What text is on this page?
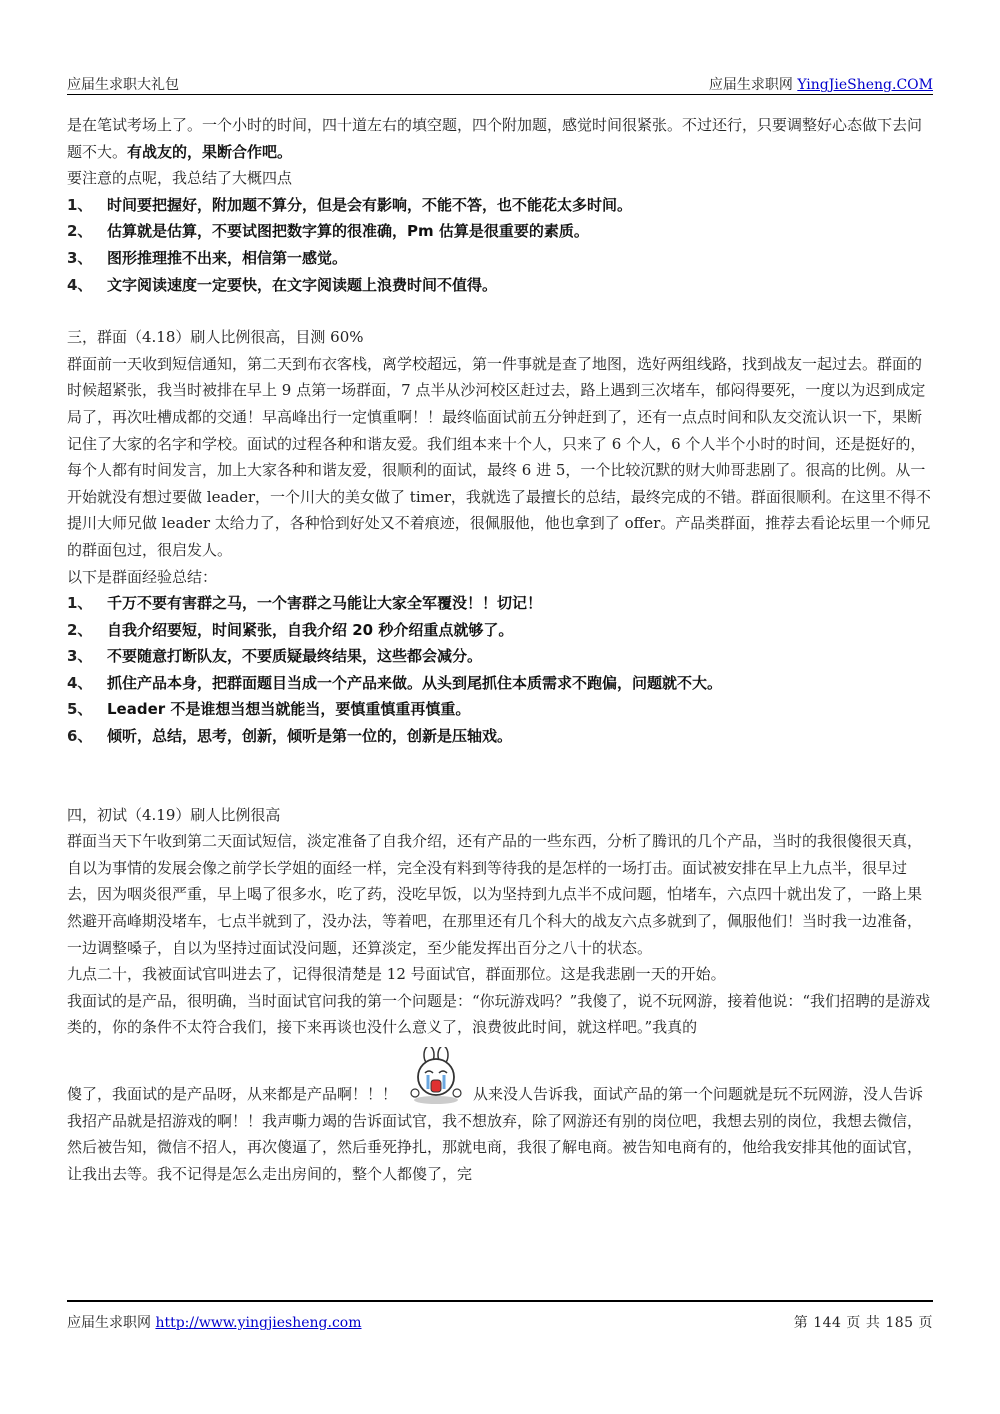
应届生求职大礼包	应届生求职网 YingJieSheng.COM

是在笔试考场上了。一个小时的时间，四十道左右的填空题，四个附加题，感觉时间很紧张。不过还行，只要调整好心态做下去问题不大。有战友的，果断合作吧。

要注意的点呢，我总结了大概四点

1、 时间要把握好，附加题不算分，但是会有影响，不能不答，也不能花太多时间。

2、 估算就是估算，不要试图把数字算的很准确，Pm 估算是很重要的素质。

3、 图形推理推不出来，相信第一感觉。

4、 文字阅读速度一定要快，在文字阅读题上浪费时间不值得。

三，群面（4.18）刷人比例很高，目测 60%

群面前一天收到短信通知，第二天到布衣客栈，离学校超远，第一件事就是查了地图，选好两组线路，找到战友一起过去。群面的时候超紧张，我当时被排在早上 9 点第一场群面，7 点半从沙河校区赶过去，路上遇到三次堵车，郁闷得要死，一度以为迟到成定局了，再次吐槽成都的交通！早高峰出行一定慎重啊！！最终临面试前五分钟赶到了，还有一点点时间和队友交流认识一下，果断记住了大家的名字和学校。面试的过程各种和谐友爱。我们组本来十个人，只来了 6 个人，6 个人半个小时的时间，还是挺好的，每个人都有时间发言，加上大家各种和谐友爱，很顺利的面试，最终 6 进 5，一个比较沉默的财大帅哥悲剧了。很高的比例。从一开始就没有想过要做 leader，一个川大的美女做了 timer，我就选了最擅长的总结，最终完成的不错。群面很顺利。在这里不得不提川大师兄做 leader 太给力了，各种恰到好处又不着痕迹，很佩服他，他也拿到了 offer。产品类群面，推荐去看论坛里一个师兄的群面包过，很启发人。

以下是群面经验总结：

1、 千万不要有害群之马，一个害群之马能让大家全军覆没！！切记！

2、 自我介绍要短，时间紧张，自我介绍 20 秒介绍重点就够了。

3、 不要随意打断队友，不要质疑最终结果，这些都会减分。

4、 抓住产品本身，把群面题目当成一个产品来做。从头到尾抓住本质需求不跑偏，问题就不大。

5、 Leader 不是谁想当想当就能当，要慎重慎重再慎重。

6、 倾听，总结，思考，创新，倾听是第一位的，创新是压轴戏。

四，初试（4.19）刷人比例很高

群面当天下午收到第二天面试短信，淡定准备了自我介绍，还有产品的一些东西，分析了腾讯的几个产品，当时的我很傻很天真，自以为事情的发展会像之前学长学姐的面经一样，完全没有料到等待我的是怎样的一场打击。面试被安排在早上九点半，很早过去，因为咽炎很严重，早上喝了很多水，吃了药，没吃早饭，以为坚持到九点半不成问题，怕堵车，六点四十就出发了，一路上果然避开高峰期没堵车，七点半就到了，没办法，等着吧，在那里还有几个科大的战友六点多就到了，佩服他们！当时我一边准备，一边调整嗓子，自以为坚持过面试没问题，还算淡定，至少能发挥出百分之八十的状态。

九点二十，我被面试官叫进去了，记得很清楚是 12 号面试官，群面那位。这是我悲剧一天的开始。

我面试的是产品，很明确，当时面试官问我的第一个问题是：“你玩游戏吗？”我傻了，说不玩网游，接着他说：“我们招聘的是游戏类的，你的条件不太符合我们，接下来再谈也没什么意义了，浪费彼此时间，就这样吧。”我真的

傻了，我面试的是产品呀，从来都是产品啊！！！	从来没人告诉我，面试产品的第一个问题就是玩不玩网游，没人告诉我招产品就是招游戏的啊！！我声嘶力竭的告诉面试官，我不想放弃，除了网游还有别的岗位吧，我想去别的岗位，我想去微信，然后被告知，微信不招人，再次傻逼了，然后垂死挣扎，那就电商，我很了解电商。被告知电商有的，他给我安排其他的面试官，让我出去等。我不记得是怎么走出房间的，整个人都傻了，完

应届生求职网 http://www.yingjiesheng.com	第 144 页 共 185 页
